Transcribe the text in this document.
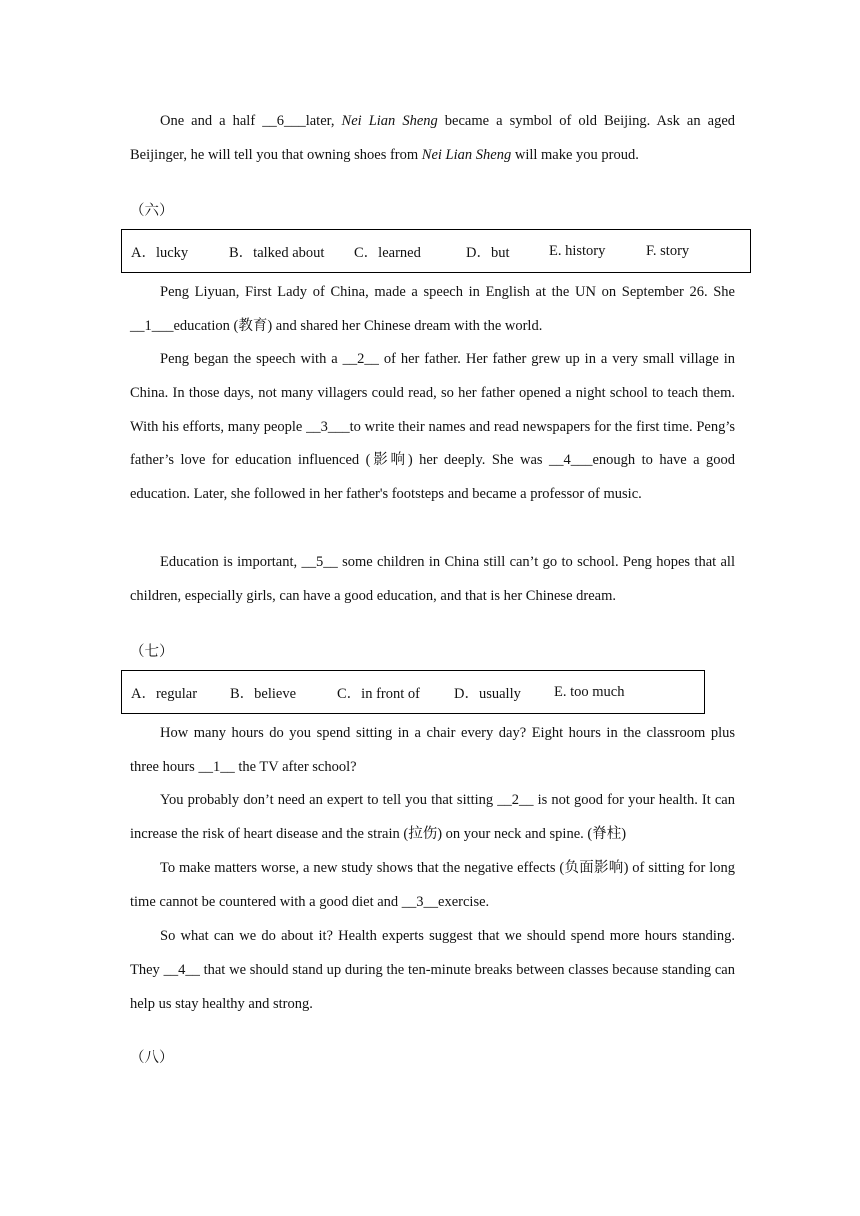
One and a half __6___later, Nei Lian Sheng became a symbol of old Beijing. Ask an aged Beijinger, he will tell you that owning shoes from Nei Lian Sheng will make you proud.

（六）

A．lucky	B．talked about	C．learned	D．but	E. history	F. story

Peng Liyuan, First Lady of China, made a speech in English at the UN on September 26. She __1___education (教育) and shared her Chinese dream with the world.

Peng began the speech with a __2__ of her father. Her father grew up in a very small village in China. In those days, not many villagers could read, so her father opened a night school to teach them. With his efforts, many people __3___to write their names and read newspapers for the first time. Peng’s father’s love for education influenced (影响) her deeply. She was __4___enough to have a good education. Later, she followed in her father's footsteps and became a professor of music.

Education is important, __5__ some children in China still can’t go to school. Peng hopes that all children, especially girls, can have a good education, and that is her Chinese dream.

（七）

A．regular	B．believe	C．in front of	D．usually	E. too much

How many hours do you spend sitting in a chair every day? Eight hours in the classroom plus three hours __1__ the TV after school?

You probably don’t need an expert to tell you that sitting __2__ is not good for your health. It can increase the risk of heart disease and the strain (拉伤) on your neck and spine. (脊柱)

To make matters worse, a new study shows that the negative effects (负面影响) of sitting for long time cannot be countered with a good diet and __3__exercise.

So what can we do about it? Health experts suggest that we should spend more hours standing. They __4__ that we should stand up during the ten-minute breaks between classes because standing can help us stay healthy and strong.

（八）
